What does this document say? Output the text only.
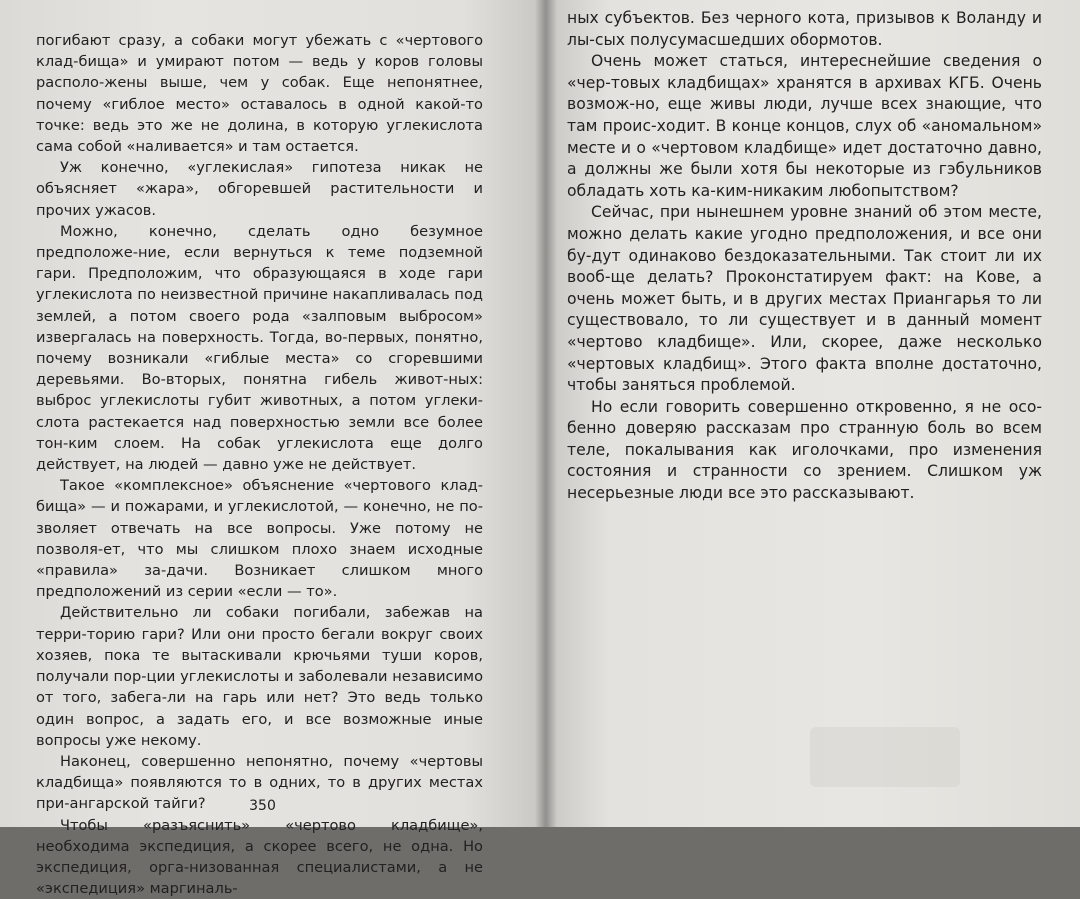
погибают сразу, а собаки могут убежать с «чертового клад-бища» и умирают потом — ведь у коров головы располо-жены выше, чем у собак. Еще непонятнее, почему «гиблое место» оставалось в одной какой-то точке: ведь это же не долина, в которую углекислота сама собой «наливается» и там остается.

Уж конечно, «углекислая» гипотеза никак не объясняет «жара», обгоревшей растительности и прочих ужасов.

Можно, конечно, сделать одно безумное предположе-ние, если вернуться к теме подземной гари. Предположим, что образующаяся в ходе гари углекислота по неизвестной причине накапливалась под землей, а потом своего рода «залповым выбросом» извергалась на поверхность. Тогда, во-первых, понятно, почему возникали «гиблые места» со сгоревшими деревьями. Во-вторых, понятна гибель живот-ных: выброс углекислоты губит животных, а потом углеки-слота растекается над поверхностью земли все более тон-ким слоем. На собак углекислота еще долго действует, на людей — давно уже не действует.

Такое «комплексное» объяснение «чертового клад-бища» — и пожарами, и углекислотой, — конечно, не по-зволяет отвечать на все вопросы. Уже потому не позволя-ет, что мы слишком плохо знаем исходные «правила» за-дачи. Возникает слишком много предположений из серии «если — то».

Действительно ли собаки погибали, забежав на терри-торию гари? Или они просто бегали вокруг своих хозяев, пока те вытаскивали крючьями туши коров, получали пор-ции углекислоты и заболевали независимо от того, забега-ли на гарь или нет? Это ведь только один вопрос, а задать его, и все возможные иные вопросы уже некому.

Наконец, совершенно непонятно, почему «чертовы кладбища» появляются то в одних, то в других местах при-ангарской тайги?

Чтобы «разъяснить» «чертово кладбище», необходима экспедиция, а скорее всего, не одна. Но экспедиция, орга-низованная специалистами, а не «экспедиция» маргиналь-

350

ных субъектов. Без черного кота, призывов к Воланду и лы-сых полусумасшедших обормотов.

Очень может статься, интереснейшие сведения о «чер-товых кладбищах» хранятся в архивах КГБ. Очень возмож-но, еще живы люди, лучше всех знающие, что там проис-ходит. В конце концов, слух об «аномальном» месте и о «чертовом кладбище» идет достаточно давно, а должны же были хотя бы некоторые из гэбульников обладать хоть ка-ким-никаким любопытством?

Сейчас, при нынешнем уровне знаний об этом месте, можно делать какие угодно предположения, и все они бу-дут одинаково бездоказательными. Так стоит ли их вооб-ще делать? Проконстатируем факт: на Кове, а очень может быть, и в других местах Приангарья то ли существовало, то ли существует и в данный момент «чертово кладбище». Или, скорее, даже несколько «чертовых кладбищ». Этого факта вполне достаточно, чтобы заняться проблемой.

Но если говорить совершенно откровенно, я не осо-бенно доверяю рассказам про странную боль во всем теле, покалывания как иголочками, про изменения состояния и странности со зрением. Слишком уж несерьезные люди все это рассказывают.
